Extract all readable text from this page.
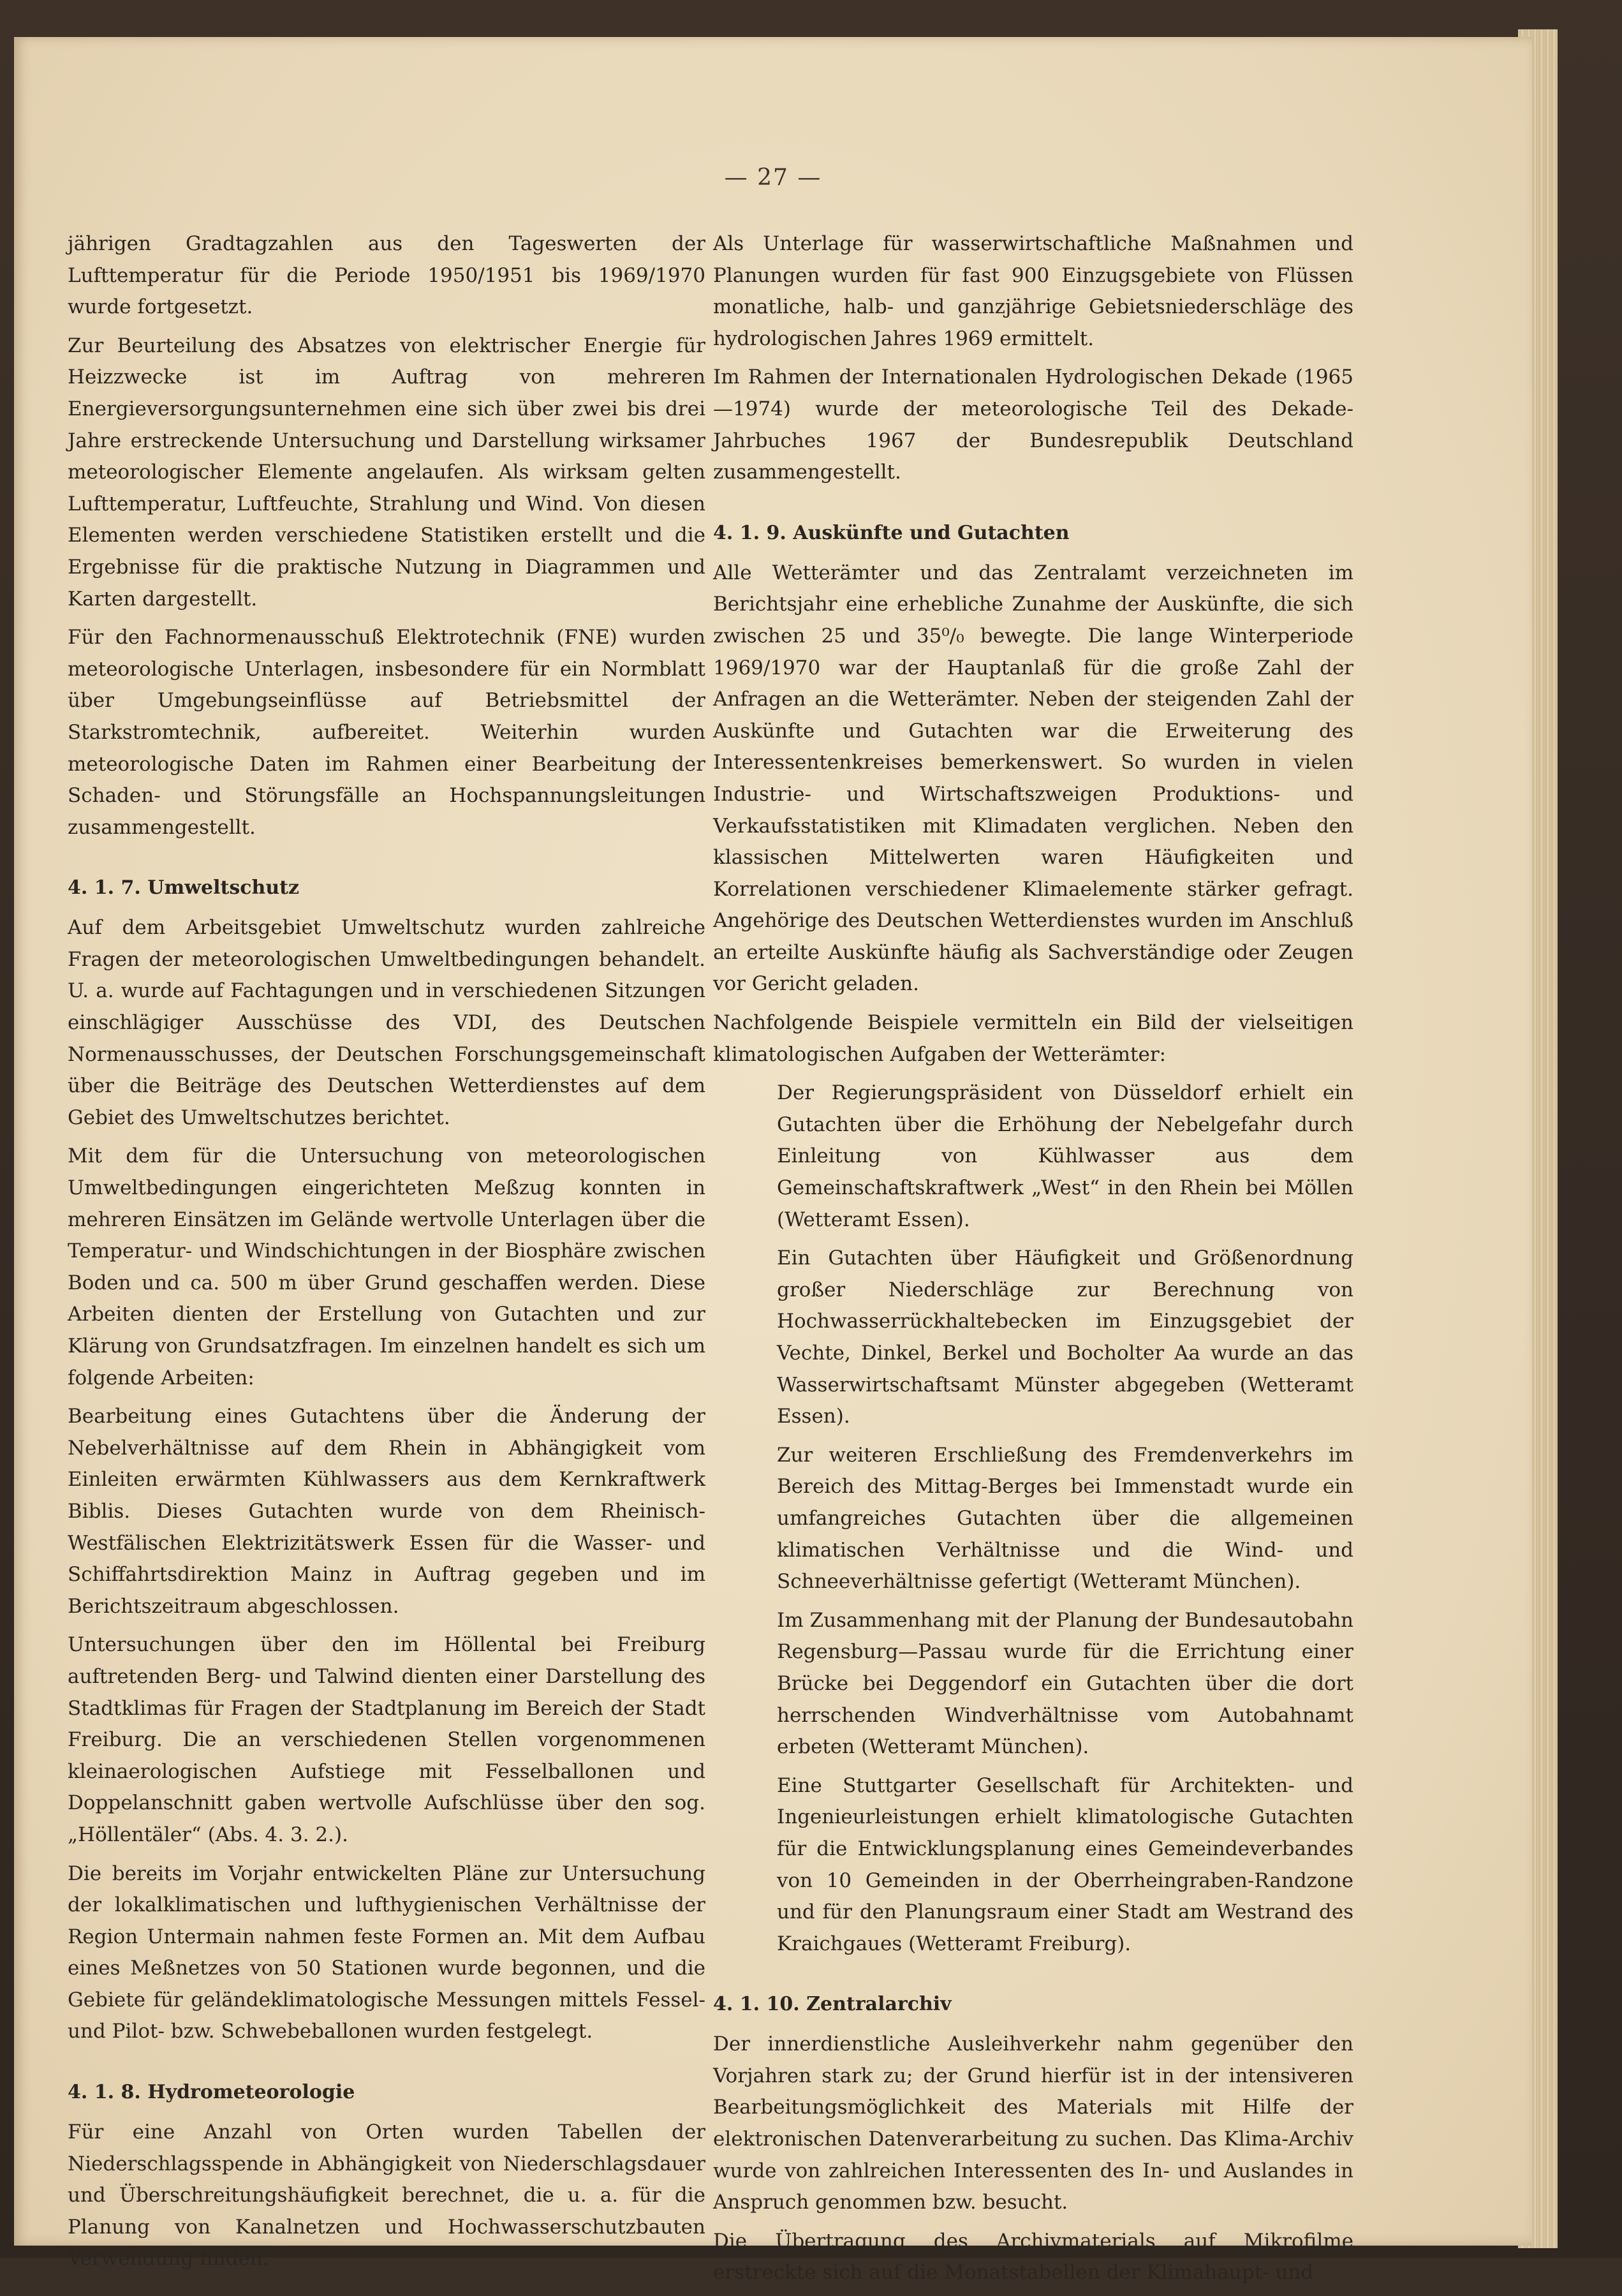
— 27 —

jährigen Gradtagzahlen aus den Tageswerten der Lufttemperatur für die Periode 1950/1951 bis 1969/1970 wurde fortgesetzt.

Zur Beurteilung des Absatzes von elektrischer Energie für Heizzwecke ist im Auftrag von mehreren Energieversorgungsunternehmen eine sich über zwei bis drei Jahre erstreckende Untersuchung und Darstellung wirksamer meteorologischer Elemente angelaufen. Als wirksam gelten Lufttemperatur, Luftfeuchte, Strahlung und Wind. Von diesen Elementen werden verschiedene Statistiken erstellt und die Ergebnisse für die praktische Nutzung in Diagrammen und Karten dargestellt.

Für den Fachnormenausschuß Elektrotechnik (FNE) wurden meteorologische Unterlagen, insbesondere für ein Normblatt über Umgebungseinflüsse auf Betriebsmittel der Starkstromtechnik, aufbereitet. Weiterhin wurden meteorologische Daten im Rahmen einer Bearbeitung der Schaden- und Störungsfälle an Hochspannungsleitungen zusammengestellt.

4. 1. 7. Umweltschutz

Auf dem Arbeitsgebiet Umweltschutz wurden zahlreiche Fragen der meteorologischen Umweltbedingungen behandelt. U. a. wurde auf Fachtagungen und in verschiedenen Sitzungen einschlägiger Ausschüsse des VDI, des Deutschen Normenausschusses, der Deutschen Forschungsgemeinschaft über die Beiträge des Deutschen Wetterdienstes auf dem Gebiet des Umweltschutzes berichtet.

Mit dem für die Untersuchung von meteorologischen Umweltbedingungen eingerichteten Meßzug konnten in mehreren Einsätzen im Gelände wertvolle Unterlagen über die Temperatur- und Windschichtungen in der Biosphäre zwischen Boden und ca. 500 m über Grund geschaffen werden. Diese Arbeiten dienten der Erstellung von Gutachten und zur Klärung von Grundsatzfragen. Im einzelnen handelt es sich um folgende Arbeiten:

Bearbeitung eines Gutachtens über die Änderung der Nebelverhältnisse auf dem Rhein in Abhängigkeit vom Einleiten erwärmten Kühlwassers aus dem Kernkraftwerk Biblis. Dieses Gutachten wurde von dem Rheinisch-Westfälischen Elektrizitätswerk Essen für die Wasser- und Schiffahrtsdirektion Mainz in Auftrag gegeben und im Berichtszeitraum abgeschlossen.

Untersuchungen über den im Höllental bei Freiburg auftretenden Berg- und Talwind dienten einer Darstellung des Stadtklimas für Fragen der Stadtplanung im Bereich der Stadt Freiburg. Die an verschiedenen Stellen vorgenommenen kleinaerologischen Aufstiege mit Fesselballonen und Doppelanschnitt gaben wertvolle Aufschlüsse über den sog. „Höllentäler“ (Abs. 4. 3. 2.).

Die bereits im Vorjahr entwickelten Pläne zur Untersuchung der lokalklimatischen und lufthygienischen Verhältnisse der Region Untermain nahmen feste Formen an. Mit dem Aufbau eines Meßnetzes von 50 Stationen wurde begonnen, und die Gebiete für geländeklimatologische Messungen mittels Fessel- und Pilot- bzw. Schwebeballonen wurden festgelegt.

4. 1. 8. Hydrometeorologie

Für eine Anzahl von Orten wurden Tabellen der Niederschlagsspende in Abhängigkeit von Niederschlagsdauer und Überschreitungshäufigkeit berechnet, die u. a. für die Planung von Kanalnetzen und Hochwasserschutzbauten Verwendung finden.

Als Unterlage für wasserwirtschaftliche Maßnahmen und Planungen wurden für fast 900 Einzugsgebiete von Flüssen monatliche, halb- und ganzjährige Gebietsniederschläge des hydrologischen Jahres 1969 ermittelt.

Im Rahmen der Internationalen Hydrologischen Dekade (1965—1974) wurde der meteorologische Teil des Dekade-Jahrbuches 1967 der Bundesrepublik Deutschland zusammengestellt.

4. 1. 9. Auskünfte und Gutachten

Alle Wetterämter und das Zentralamt verzeichneten im Berichtsjahr eine erhebliche Zunahme der Auskünfte, die sich zwischen 25 und 35⁰/₀ bewegte. Die lange Winterperiode 1969/1970 war der Hauptanlaß für die große Zahl der Anfragen an die Wetterämter. Neben der steigenden Zahl der Auskünfte und Gutachten war die Erweiterung des Interessentenkreises bemerkenswert. So wurden in vielen Industrie- und Wirtschaftszweigen Produktions- und Verkaufsstatistiken mit Klimadaten verglichen. Neben den klassischen Mittelwerten waren Häufigkeiten und Korrelationen verschiedener Klimaelemente stärker gefragt. Angehörige des Deutschen Wetterdienstes wurden im Anschluß an erteilte Auskünfte häufig als Sachverständige oder Zeugen vor Gericht geladen.

Nachfolgende Beispiele vermitteln ein Bild der vielseitigen klimatologischen Aufgaben der Wetterämter:

Der Regierungspräsident von Düsseldorf erhielt ein Gutachten über die Erhöhung der Nebelgefahr durch Einleitung von Kühlwasser aus dem Gemeinschaftskraftwerk „West“ in den Rhein bei Möllen (Wetteramt Essen).

Ein Gutachten über Häufigkeit und Größenordnung großer Niederschläge zur Berechnung von Hochwasserrückhaltebecken im Einzugsgebiet der Vechte, Dinkel, Berkel und Bocholter Aa wurde an das Wasserwirtschaftsamt Münster abgegeben (Wetteramt Essen).

Zur weiteren Erschließung des Fremdenverkehrs im Bereich des Mittag-Berges bei Immenstadt wurde ein umfangreiches Gutachten über die allgemeinen klimatischen Verhältnisse und die Wind- und Schneeverhältnisse gefertigt (Wetteramt München).

Im Zusammenhang mit der Planung der Bundesautobahn Regensburg—Passau wurde für die Errichtung einer Brücke bei Deggendorf ein Gutachten über die dort herrschenden Windverhältnisse vom Autobahnamt erbeten (Wetteramt München).

Eine Stuttgarter Gesellschaft für Architekten- und Ingenieurleistungen erhielt klimatologische Gutachten für die Entwicklungsplanung eines Gemeindeverbandes von 10 Gemeinden in der Oberrheingraben-Randzone und für den Planungsraum einer Stadt am Westrand des Kraichgaues (Wetteramt Freiburg).

4. 1. 10. Zentralarchiv

Der innerdienstliche Ausleihverkehr nahm gegenüber den Vorjahren stark zu; der Grund hierfür ist in der intensiveren Bearbeitungsmöglichkeit des Materials mit Hilfe der elektronischen Datenverarbeitung zu suchen. Das Klima-Archiv wurde von zahlreichen Interessenten des In- und Auslandes in Anspruch genommen bzw. besucht.

Die Übertragung des Archivmaterials auf Mikrofilme erstreckte sich auf die Monatstabellen der Klimahaupt- und
